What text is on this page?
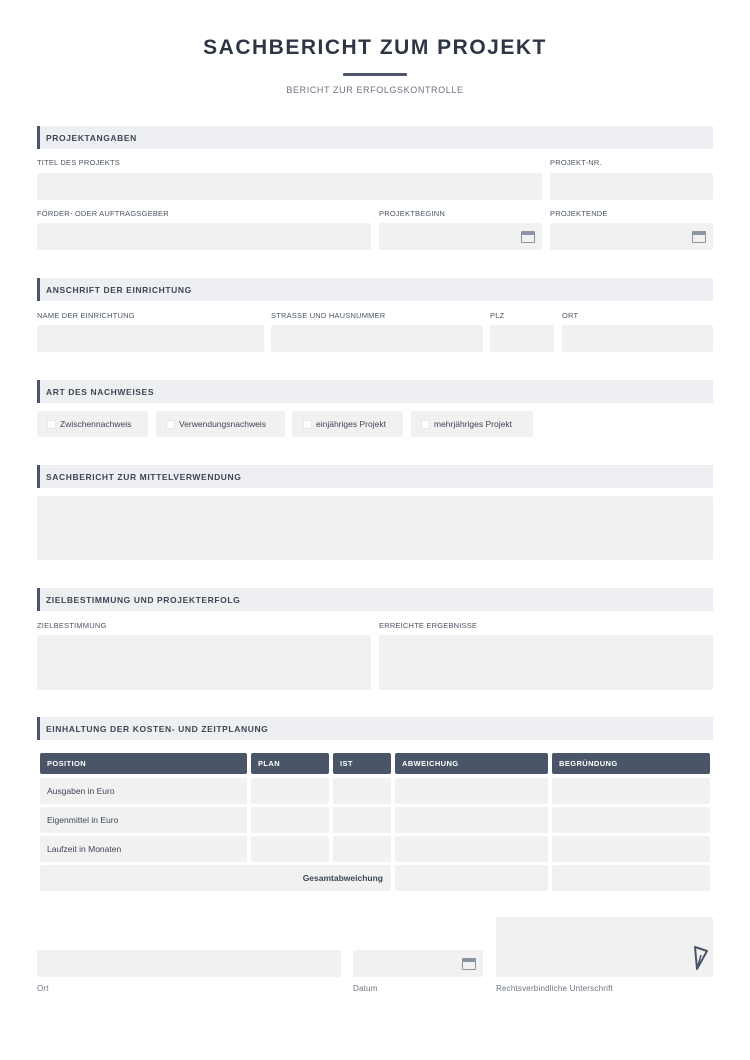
SACHBERICHT ZUM PROJEKT
BERICHT ZUR ERFOLGSKONTROLLE
PROJEKTANGABEN
TITEL DES PROJEKTS	PROJEKT-NR.
FÖRDER- ODER AUFTRAGSGEBER	PROJEKTBEGINN	PROJEKTENDE
ANSCHRIFT DER EINRICHTUNG
NAME DER EINRICHTUNG	STRASSE UND HAUSNUMMER	PLZ	ORT
ART DES NACHWEISES
Zwischennachweis	Verwendungsnachweis	einjähriges Projekt	mehrjähriges Projekt
SACHBERICHT ZUR MITTELVERWENDUNG
ZIELBESTIMMUNG UND PROJEKTERFOLG
ZIELBESTIMMUNG	ERREICHTE ERGEBNISSE
EINHALTUNG DER KOSTEN- UND ZEITPLANUNG
POSITION	PLAN	IST	ABWEICHUNG	BEGRÜNDUNG
Ausgaben in Euro
Eigenmittel in Euro
Laufzeit in Monaten
Gesamtabweichung
Ort	Datum	Rechtsverbindliche Unterschrift
